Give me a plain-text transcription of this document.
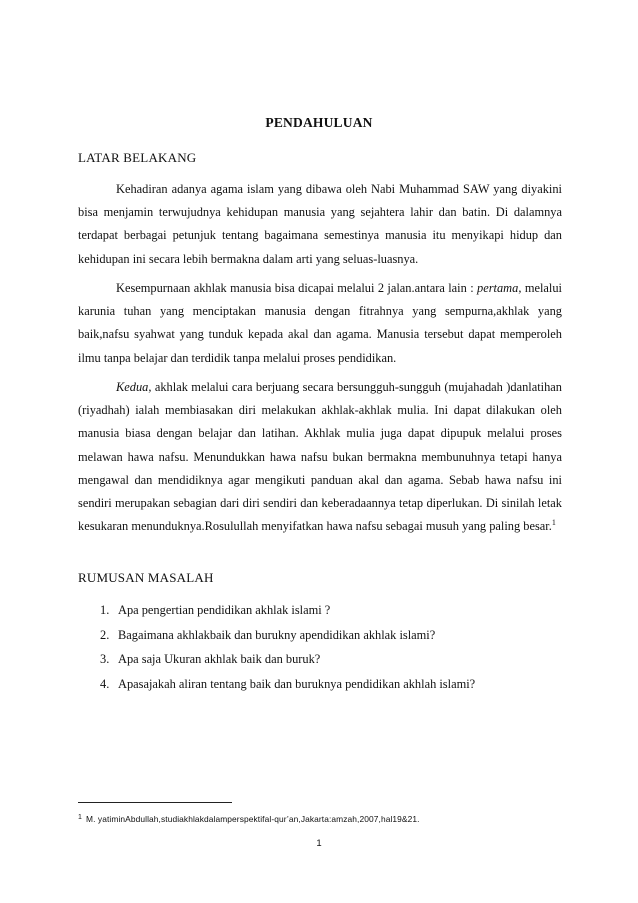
PENDAHULUAN
LATAR BELAKANG

Kehadiran adanya agama islam yang dibawa oleh Nabi Muhammad SAW yang diyakini bisa menjamin terwujudnya kehidupan manusia yang sejahtera lahir dan batin. Di dalamnya terdapat berbagai petunjuk tentang bagaimana semestinya manusia itu menyikapi hidup dan kehidupan ini secara lebih bermakna dalam arti yang seluas-luasnya.

Kesempurnaan akhlak manusia bisa dicapai melalui 2 jalan.antara lain : pertama, melalui karunia tuhan yang menciptakan manusia dengan fitrahnya yang sempurna,akhlak yang baik,nafsu syahwat yang tunduk kepada akal dan agama. Manusia tersebut dapat memperoleh ilmu tanpa belajar dan terdidik tanpa melalui proses pendidikan.

Kedua, akhlak melalui cara berjuang secara bersungguh-sungguh (mujahadah )danlatihan (riyadhah) ialah membiasakan diri melakukan akhlak-akhlak mulia. Ini dapat dilakukan oleh manusia biasa dengan belajar dan latihan. Akhlak mulia juga dapat dipupuk melalui proses melawan hawa nafsu. Menundukkan hawa nafsu bukan bermakna membunuhnya tetapi hanya mengawal dan mendidiknya agar mengikuti panduan akal dan agama. Sebab hawa nafsu ini sendiri merupakan sebagian dari diri sendiri dan keberadaannya tetap diperlukan. Di sinilah letak kesukaran menunduknya.Rosulullah menyifatkan hawa nafsu sebagai musuh yang paling besar.$^1$

RUMUSAN MASALAH
1. Apa pengertian pendidikan akhlak islami ?
2. Bagaimana akhlakbaik dan burukny apendidikan akhlak islami?
3. Apa saja Ukuran akhlak baik dan buruk?
4. Apasajakah aliran tentang baik dan buruknya pendidikan akhlah islami?
$^1$ M. yatiminAbdullah,studiakhlakdalamperspektifal-qur’an,Jakarta:amzah,2007,hal19&21.
1
